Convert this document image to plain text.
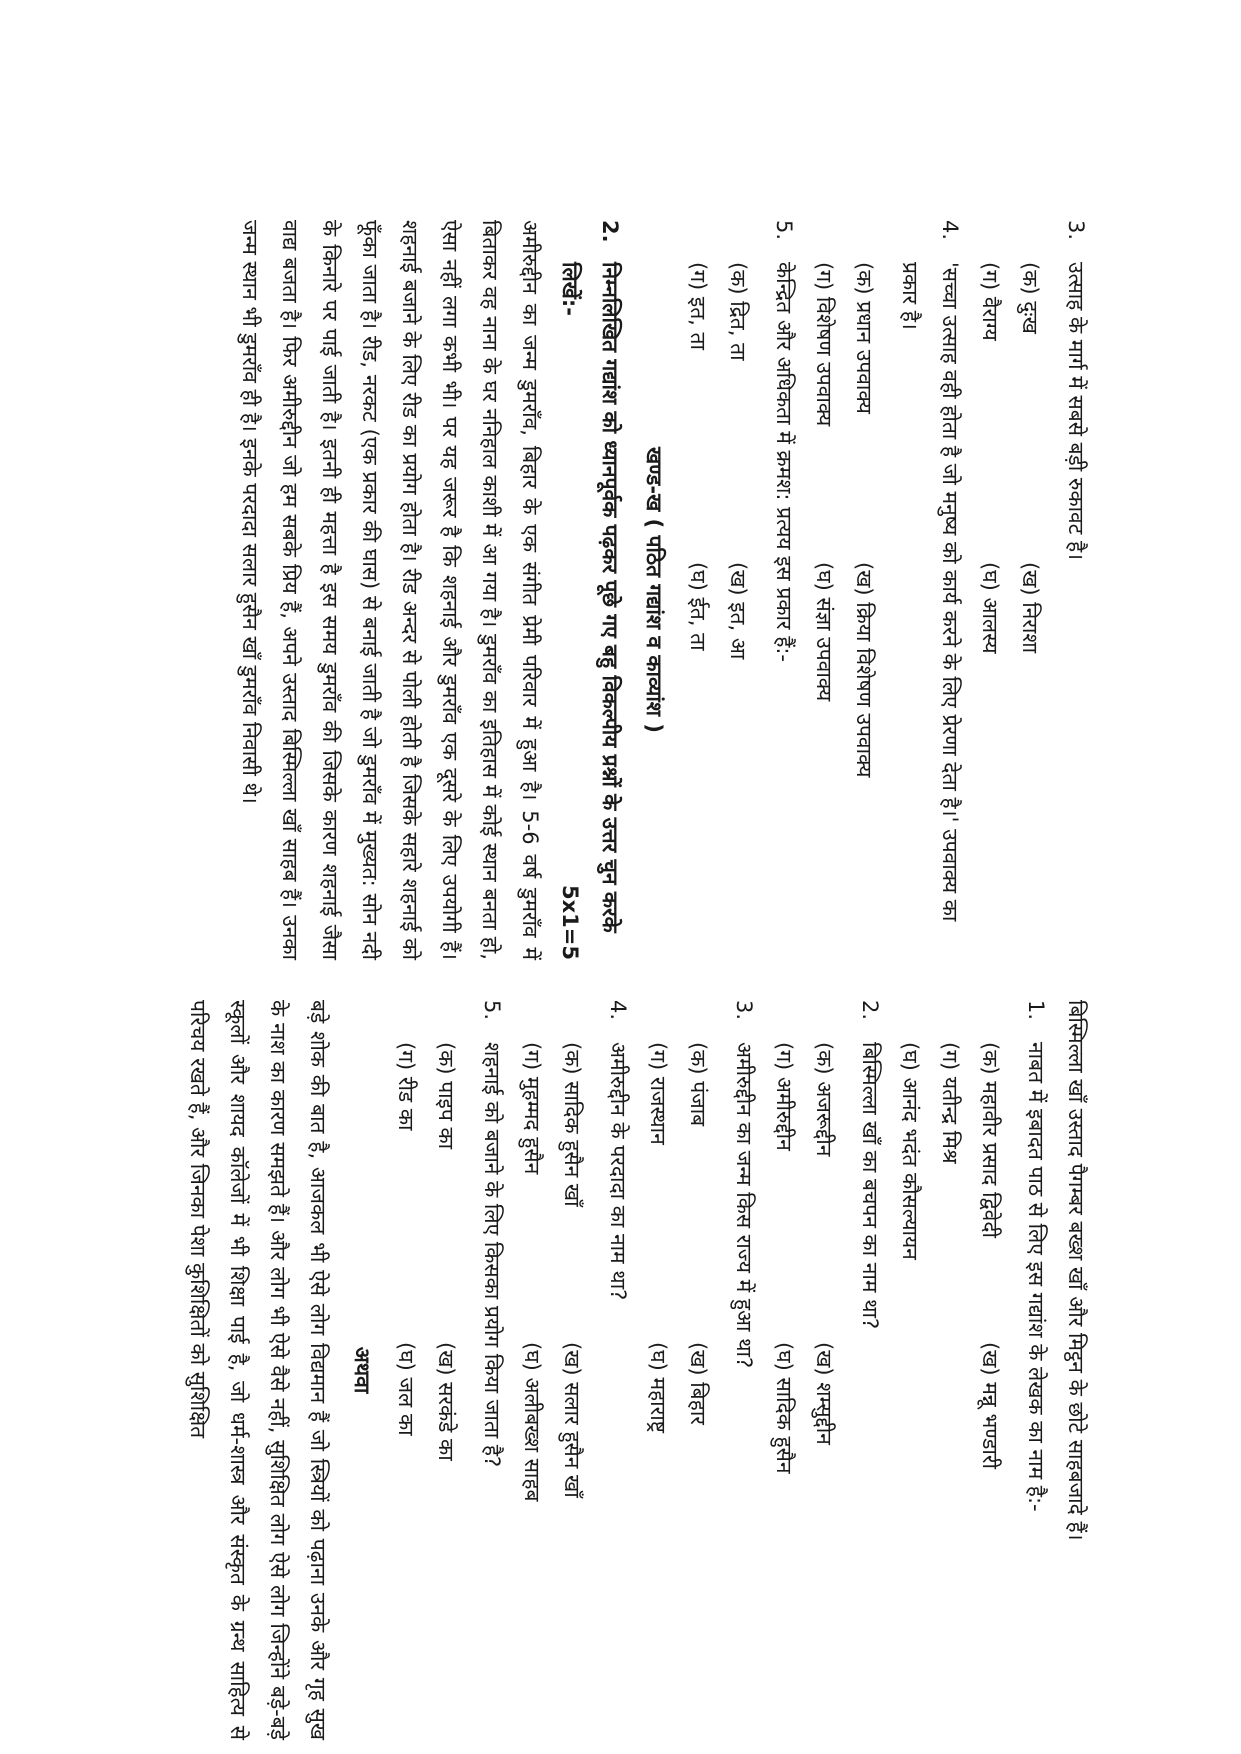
3.
उत्साह के मार्ग में सबसे बड़ी रुकावट है।
(क) दुःख
(ख) निराशा
(ग) वैराग्य
(घ) आलस्य
4.
'सच्चा उत्साह वही होता है जो मनुष्य को कार्य करने के लिए प्रेरणा देता है।' उपवाक्य का प्रकार है।
(क) प्रधान उपवाक्य
(ख) क्रिया विशेषण उपवाक्य
(ग) विशेषण उपवाक्य
(घ) संज्ञा उपवाक्य
5.
केन्द्रित और अधिकता में क्रमश: प्रत्यय इस प्रकार हैं:-
(क) द्रित, ता
(ख) इत, आ
(ग) इत, ता
(घ) ईत, ता
खण्ड-ख ( पठित गद्यांश व काव्यांश )
2.
निम्नलिखित गद्यांश को ध्यानपूर्वक पढ़कर पूछे गए बहु विकल्पीय प्रश्नों के उत्तर चुन करके लिखें:-
5x1=5
अमीरुद्दीन का जन्म डुमराँव, बिहार के एक संगीत प्रेमी परिवार में हुआ है। 5-6 वर्ष डुमराँव में बिताकर वह नाना के घर ननिहाल काशी में आ गया है। डुमराँव का इतिहास में कोई स्थान बनता हो, ऐसा नहीं लगा कभी भी। पर यह जरूर है कि शहनाई और डुमराँव एक दूसरे के लिए उपयोगी हैं। शहनाई बजाने के लिए रीड का प्रयोग होता है। रीड अन्दर से पोली होती है जिसके सहारे शहनाई को फूँका जाता है। रीड, नरकट (एक प्रकार की घास) से बनाई जाती है जो डुमराँव में मुख्यत: सोन नदी के किनारे पर पाई जाती है। इतनी ही महत्ता है इस समय डुमराँव की जिसके कारण शहनाई जैसा वाद्य बजता है। फिर अमीरुद्दीन जो हम सबके प्रिय हैं, अपने उस्ताद बिस्मिल्ला खाँ साहब हैं। उनका जन्म स्थान भी डुमराँव ही है। इनके परदादा सलार हुसैन खाँ डुमराँव निवासी थे।
बिस्मिल्ला खाँ उस्ताद पैगम्बर बख्श खाँ और मिट्ठन के छोटे साहबजादे हैं।
1.
नाबत में इबादत पाठ से लिए इस गद्यांश के लेखक का नाम है:-
(क) महावीर प्रसाद द्विवेदी
(ख) मन्नू भण्डारी
(ग) यतीन्द्र मिश्र
(घ) आनंद भदंत कौसल्यायन
2.
बिस्मिल्ला खाँ का बचपन का नाम था?
(क) अजरूद्दीन
(ख) शम्सुद्दीन
(ग) अमीरुद्दीन
(घ) सादिक हुसैन
3.
अमीरुद्दीन का जन्म किस राज्य में हुआ था?
(क) पंजाब
(ख) बिहार
(ग) राजस्थान
(घ) महाराष्ट्र
4.
अमीरुद्दीन के परदादा का नाम था?
(क) सादिक हुसैन खाँ
(ख) सलार हुसैन खाँ
(ग) मुहम्मद हुसैन
(घ) अलीबख्श साहब
5.
शहनाई को बजाने के लिए किसका प्रयोग किया जाता है?
(क) पाइप का
(ख) सरकंडे का
(ग) रीड का
(घ) जल का
अथवा
बड़े शोक की बात है, आजकल भी ऐसे लोग विद्यमान हैं जो स्त्रियों को पढ़ाना उनके और गृह सुख के नाश का कारण समझते हैं। और लोग भी ऐसे वैसे नहीं, सुशिक्षित लोग ऐसे लोग जिन्होंने बड़े-बड़े स्कूलों और शायद कॉलेजों में भी शिक्षा पाई है, जो धर्म-शास्त्र और संस्कृत के ग्रन्थ साहित्य से परिचय रखते हैं, और जिनका पेशा कुशिक्षितों को सुशिक्षित
